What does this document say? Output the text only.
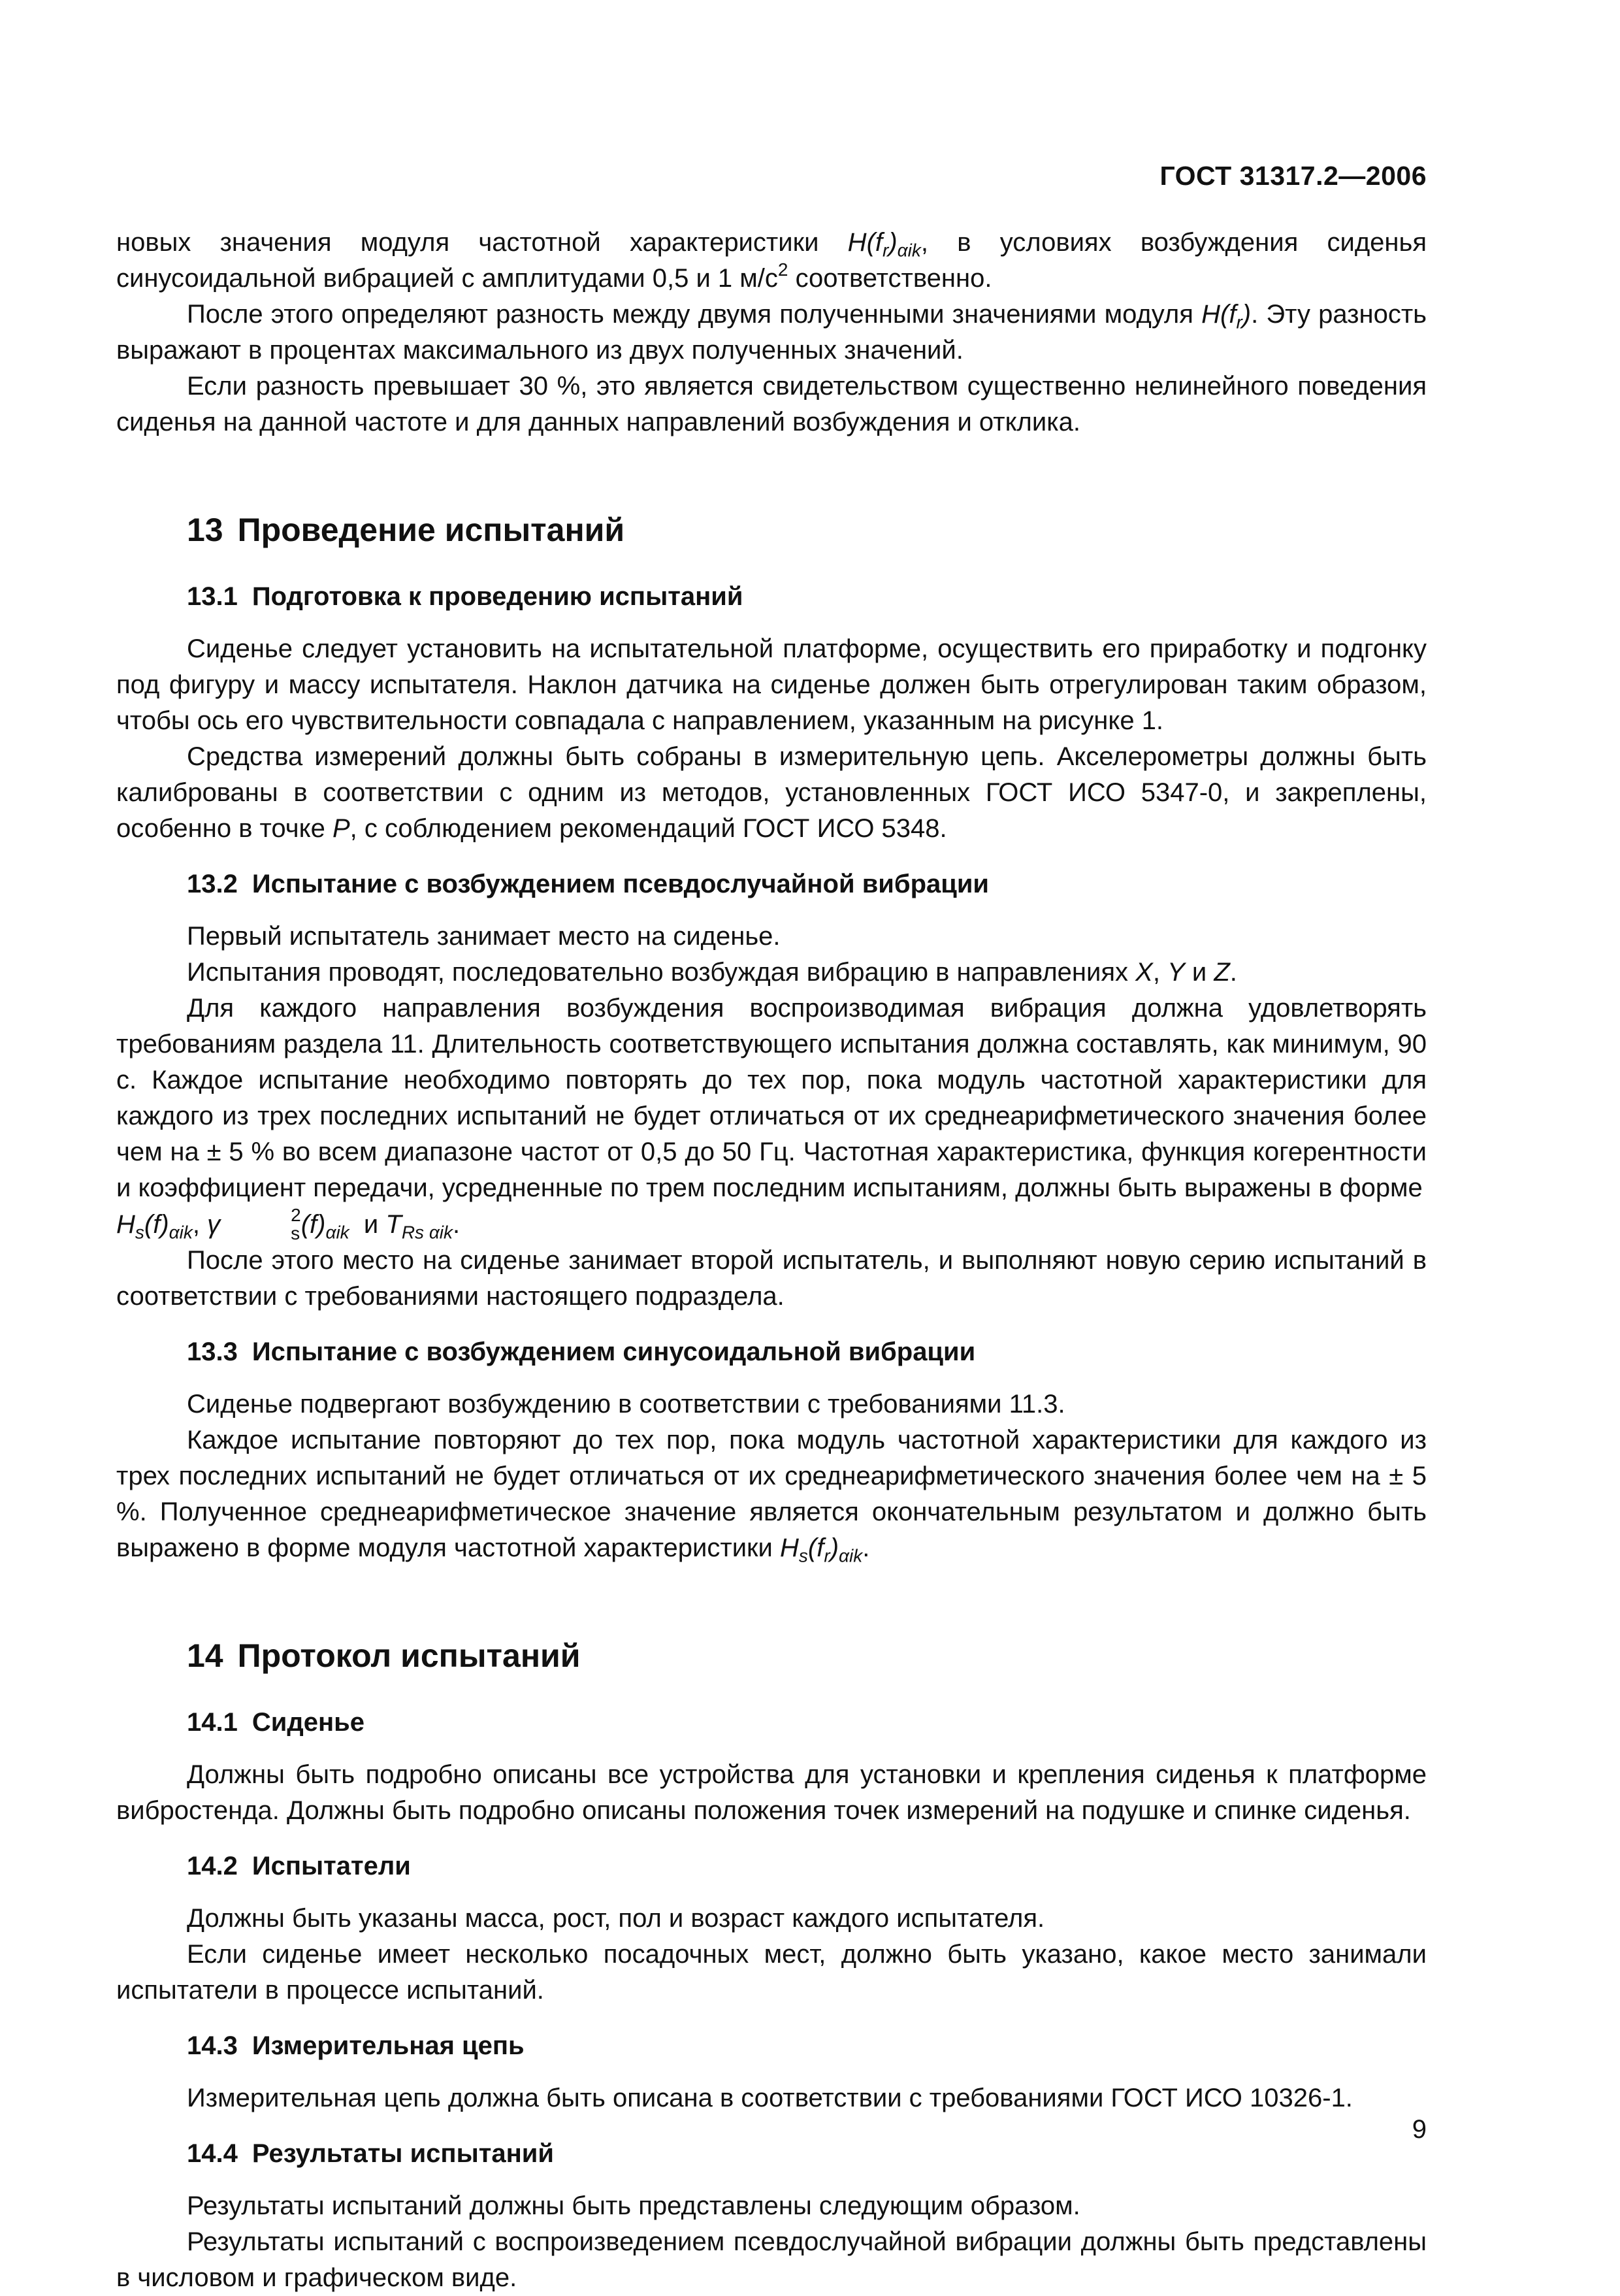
ГОСТ 31317.2—2006

новых значения модуля частотной характеристики $H(f_r)_{\alpha ik}$, в условиях возбуждения сиденья синусоидальной вибрацией с амплитудами 0,5 и 1 $м/с^2$ соответственно.

После этого определяют разность между двумя полученными значениями модуля $H(f_r)$. Эту разность выражают в процентах максимального из двух полученных значений.

Если разность превышает 30 %, это является свидетельством существенно нелинейного поведения сиденья на данной частоте и для данных направлений возбуждения и отклика.

13 Проведение испытаний
13.1 Подготовка к проведению испытаний

Сиденье следует установить на испытательной платформе, осуществить его приработку и подгонку под фигуру и массу испытателя. Наклон датчика на сиденье должен быть отрегулирован таким образом, чтобы ось его чувствительности совпадала с направлением, указанным на рисунке 1.

Средства измерений должны быть собраны в измерительную цепь. Акселерометры должны быть калиброваны в соответствии с одним из методов, установленных ГОСТ ИСО 5347-0, и закреплены, особенно в точке P, с соблюдением рекомендаций ГОСТ ИСО 5348.

13.2 Испытание с возбуждением псевдослучайной вибрации

Первый испытатель занимает место на сиденье.

Испытания проводят, последовательно возбуждая вибрацию в направлениях X, Y и Z.

Для каждого направления возбуждения воспроизводимая вибрация должна удовлетворять требованиям раздела 11. Длительность соответствующего испытания должна составлять, как минимум, 90 с. Каждое испытание необходимо повторять до тех пор, пока модуль частотной характеристики для каждого из трех последних испытаний не будет отличаться от их среднеарифметического значения более чем на ± 5 % во всем диапазоне частот от 0,5 до 50 Гц. Частотная характеристика, функция когерентности и коэффициент передачи, усредненные по трем последним испытаниям, должны быть выражены в форме
$H_s(f)_{\alpha ik}$, γ	2
s $(f)_{\alpha ik}$ и $T_{Rs \alpha ik}$.

После этого место на сиденье занимает второй испытатель, и выполняют новую серию испытаний в соответствии с требованиями настоящего подраздела.

13.3 Испытание с возбуждением синусоидальной вибрации

Сиденье подвергают возбуждению в соответствии с требованиями 11.3.

Каждое испытание повторяют до тех пор, пока модуль частотной характеристики для каждого из трех последних испытаний не будет отличаться от их среднеарифметического значения более чем на ± 5 %. Полученное среднеарифметическое значение является окончательным результатом и должно быть выражено в форме модуля частотной характеристики $H_s(f_r)_{\alpha ik}$.

14 Протокол испытаний
14.1 Сиденье

Должны быть подробно описаны все устройства для установки и крепления сиденья к платформе вибростенда. Должны быть подробно описаны положения точек измерений на подушке и спинке сиденья.

14.2 Испытатели

Должны быть указаны масса, рост, пол и возраст каждого испытателя.

Если сиденье имеет несколько посадочных мест, должно быть указано, какое место занимали испытатели в процессе испытаний.

14.3 Измерительная цепь

Измерительная цепь должна быть описана в соответствии с требованиями ГОСТ ИСО 10326-1.

14.4 Результаты испытаний

Результаты испытаний должны быть представлены следующим образом.

Результаты испытаний с воспроизведением псевдослучайной вибрации должны быть представлены в числовом и графическом виде.

9
